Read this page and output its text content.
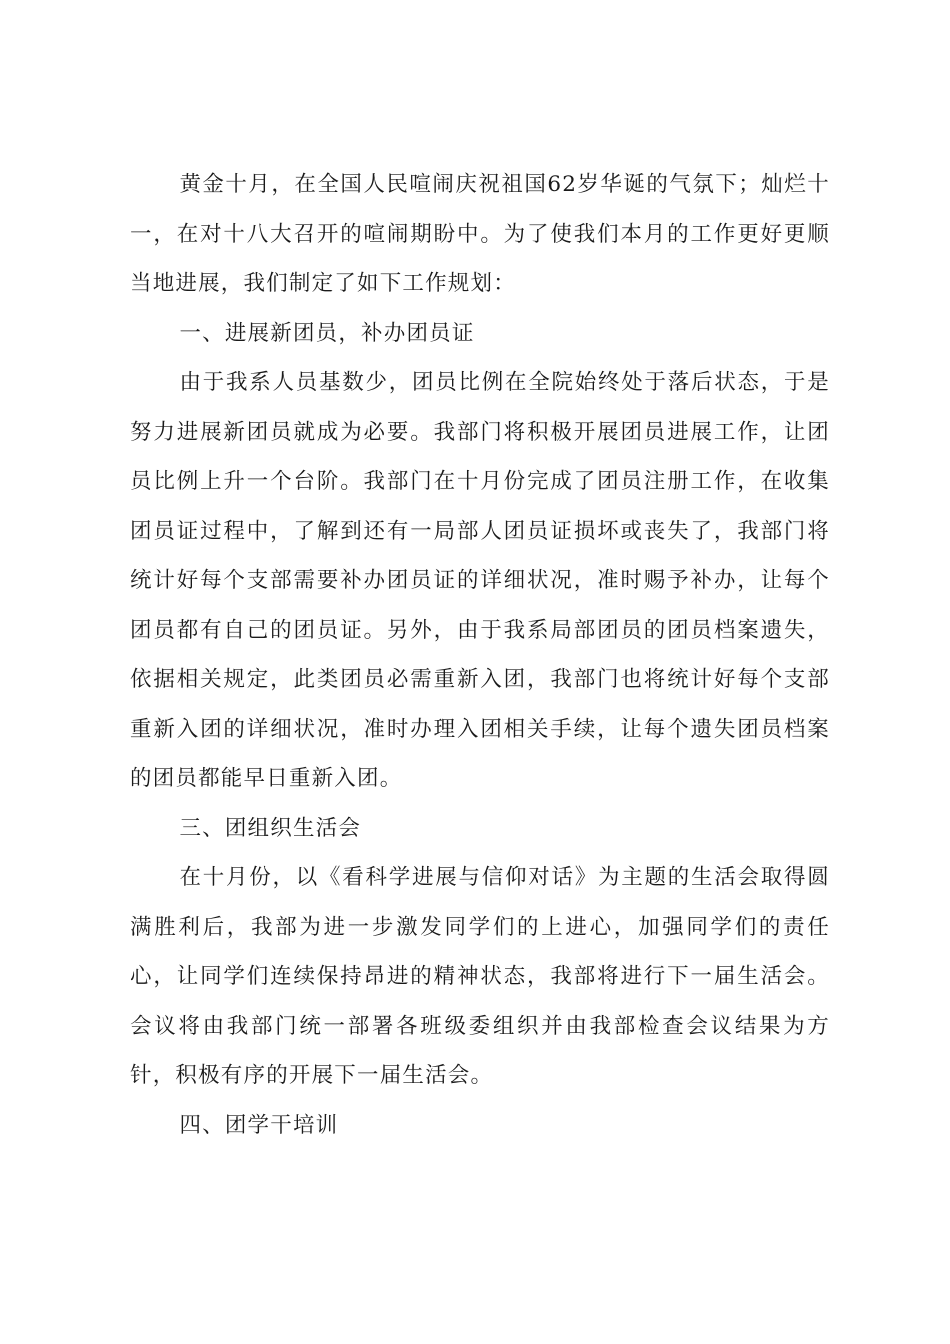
黄金十月，在全国人民喧闹庆祝祖国62岁华诞的气氛下；灿烂十一，在对十八大召开的喧闹期盼中。为了使我们本月的工作更好更顺当地进展，我们制定了如下工作规划：

一、进展新团员，补办团员证

由于我系人员基数少，团员比例在全院始终处于落后状态，于是努力进展新团员就成为必要。我部门将积极开展团员进展工作，让团员比例上升一个台阶。我部门在十月份完成了团员注册工作，在收集团员证过程中，了解到还有一局部人团员证损坏或丧失了，我部门将统计好每个支部需要补办团员证的详细状况，准时赐予补办，让每个团员都有自己的团员证。另外，由于我系局部团员的团员档案遗失，依据相关规定，此类团员必需重新入团，我部门也将统计好每个支部重新入团的详细状况，准时办理入团相关手续，让每个遗失团员档案的团员都能早日重新入团。

三、团组织生活会

在十月份，以《看科学进展与信仰对话》为主题的生活会取得圆满胜利后，我部为进一步激发同学们的上进心，加强同学们的责任心，让同学们连续保持昂进的精神状态，我部将进行下一届生活会。会议将由我部门统一部署各班级委组织并由我部检查会议结果为方针，积极有序的开展下一届生活会。

四、团学干培训
